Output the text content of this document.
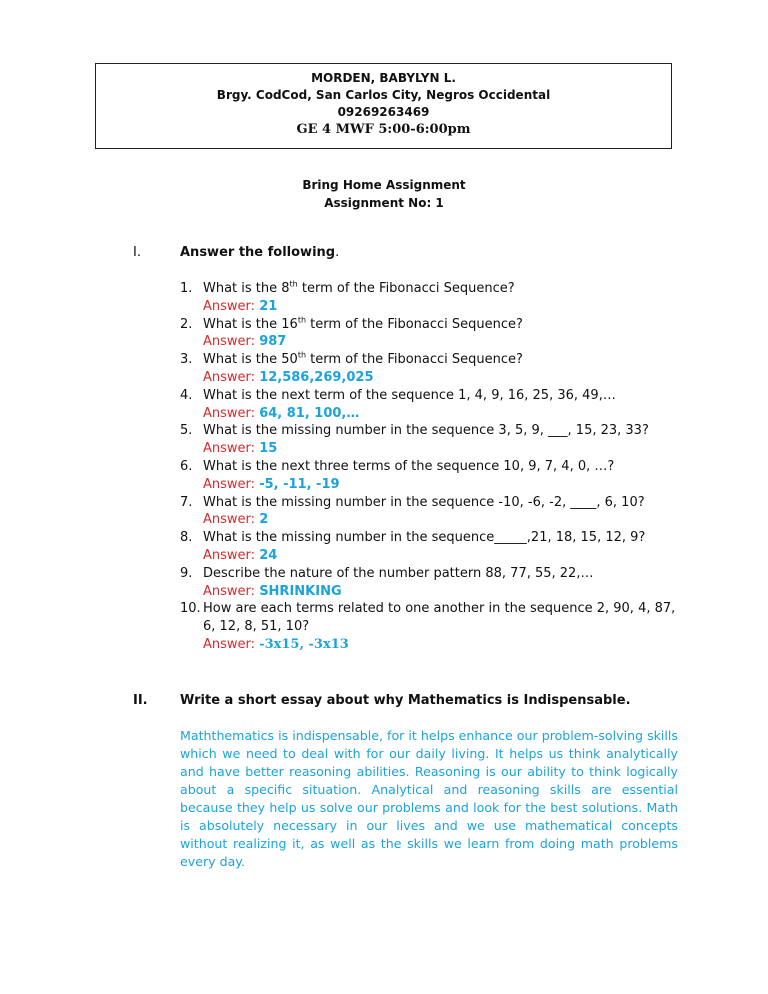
MORDEN, BABYLYN L.
Brgy. CodCod, San Carlos City, Negros Occidental
09269263469
GE 4 MWF 5:00-6:00pm
Bring Home Assignment
Assignment No: 1
I.	Answer the following.
1. What is the 8th term of the Fibonacci Sequence?
Answer: 21
2. What is the 16th term of the Fibonacci Sequence?
Answer: 987
3. What is the 50th term of the Fibonacci Sequence?
Answer: 12,586,269,025
4. What is the next term of the sequence 1, 4, 9, 16, 25, 36, 49,…
Answer: 64, 81, 100,…
5. What is the missing number in the sequence 3, 5, 9, ___, 15, 23, 33?
Answer: 15
6. What is the next three terms of the sequence 10, 9, 7, 4, 0, …?
Answer: -5, -11, -19
7. What is the missing number in the sequence -10, -6, -2, ____, 6, 10?
Answer: 2
8. What is the missing number in the sequence_____,21, 18, 15, 12, 9?
Answer: 24
9. Describe the nature of the number pattern 88, 77, 55, 22,…
Answer: SHRINKING
10. How are each terms related to one another in the sequence 2, 90, 4, 87, 6, 12, 8, 51, 10?
Answer: -3x15, -3x13
II. Write a short essay about why Mathematics is Indispensable.
Maththematics is indispensable, for it helps enhance our problem-solving skills which we need to deal with for our daily living. It helps us think analytically and have better reasoning abilities. Reasoning is our ability to think logically about a specific situation. Analytical and reasoning skills are essential because they help us solve our problems and look for the best solutions. Math is absolutely necessary in our lives and we use mathematical concepts without realizing it, as well as the skills we learn from doing math problems every day.
